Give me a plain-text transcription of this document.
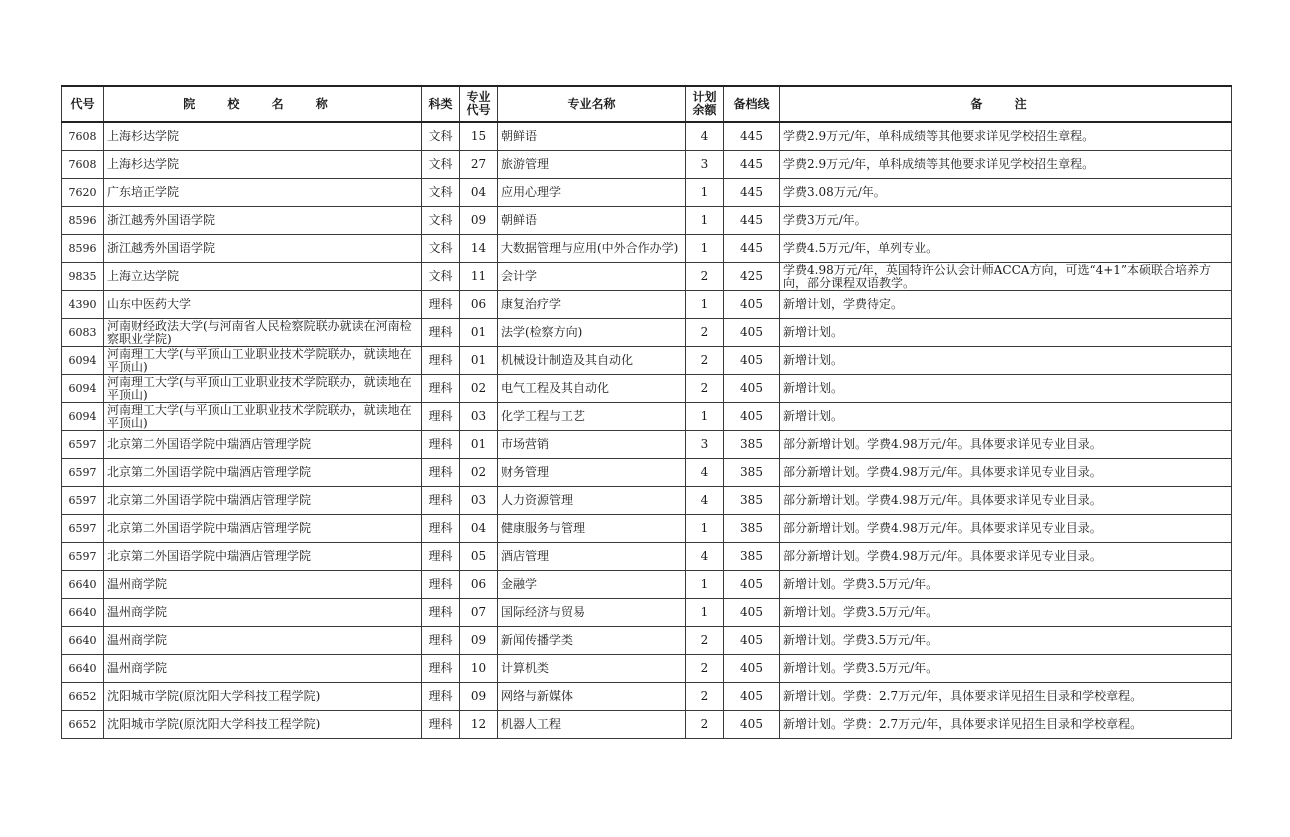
代号	院 校 名 称	科类	专业代号	专业名称	计划余额	备档线	备 注
7608	上海杉达学院	文科	15	朝鲜语	4	445	学费2.9万元/年，单科成绩等其他要求详见学校招生章程。
7608	上海杉达学院	文科	27	旅游管理	3	445	学费2.9万元/年，单科成绩等其他要求详见学校招生章程。
7620	广东培正学院	文科	04	应用心理学	1	445	学费3.08万元/年。
8596	浙江越秀外国语学院	文科	09	朝鲜语	1	445	学费3万元/年。
8596	浙江越秀外国语学院	文科	14	大数据管理与应用(中外合作办学)	1	445	学费4.5万元/年，单列专业。
9835	上海立达学院	文科	11	会计学	2	425	学费4.98万元/年，英国特许公认会计师ACCA方向，可选“4+1”本硕联合培养方向，部分课程双语教学。
4390	山东中医药大学	理科	06	康复治疗学	1	405	新增计划，学费待定。
6083	河南财经政法大学(与河南省人民检察院联办就读在河南检察职业学院)	理科	01	法学(检察方向)	2	405	新增计划。
6094	河南理工大学(与平顶山工业职业技术学院联办，就读地在平顶山)	理科	01	机械设计制造及其自动化	2	405	新增计划。
6094	河南理工大学(与平顶山工业职业技术学院联办，就读地在平顶山)	理科	02	电气工程及其自动化	2	405	新增计划。
6094	河南理工大学(与平顶山工业职业技术学院联办，就读地在平顶山)	理科	03	化学工程与工艺	1	405	新增计划。
6597	北京第二外国语学院中瑞酒店管理学院	理科	01	市场营销	3	385	部分新增计划。学费4.98万元/年。具体要求详见专业目录。
6597	北京第二外国语学院中瑞酒店管理学院	理科	02	财务管理	4	385	部分新增计划。学费4.98万元/年。具体要求详见专业目录。
6597	北京第二外国语学院中瑞酒店管理学院	理科	03	人力资源管理	4	385	部分新增计划。学费4.98万元/年。具体要求详见专业目录。
6597	北京第二外国语学院中瑞酒店管理学院	理科	04	健康服务与管理	1	385	部分新增计划。学费4.98万元/年。具体要求详见专业目录。
6597	北京第二外国语学院中瑞酒店管理学院	理科	05	酒店管理	4	385	部分新增计划。学费4.98万元/年。具体要求详见专业目录。
6640	温州商学院	理科	06	金融学	1	405	新增计划。学费3.5万元/年。
6640	温州商学院	理科	07	国际经济与贸易	1	405	新增计划。学费3.5万元/年。
6640	温州商学院	理科	09	新闻传播学类	2	405	新增计划。学费3.5万元/年。
6640	温州商学院	理科	10	计算机类	2	405	新增计划。学费3.5万元/年。
6652	沈阳城市学院(原沈阳大学科技工程学院)	理科	09	网络与新媒体	2	405	新增计划。学费：2.7万元/年，具体要求详见招生目录和学校章程。
6652	沈阳城市学院(原沈阳大学科技工程学院)	理科	12	机器人工程	2	405	新增计划。学费：2.7万元/年，具体要求详见招生目录和学校章程。
